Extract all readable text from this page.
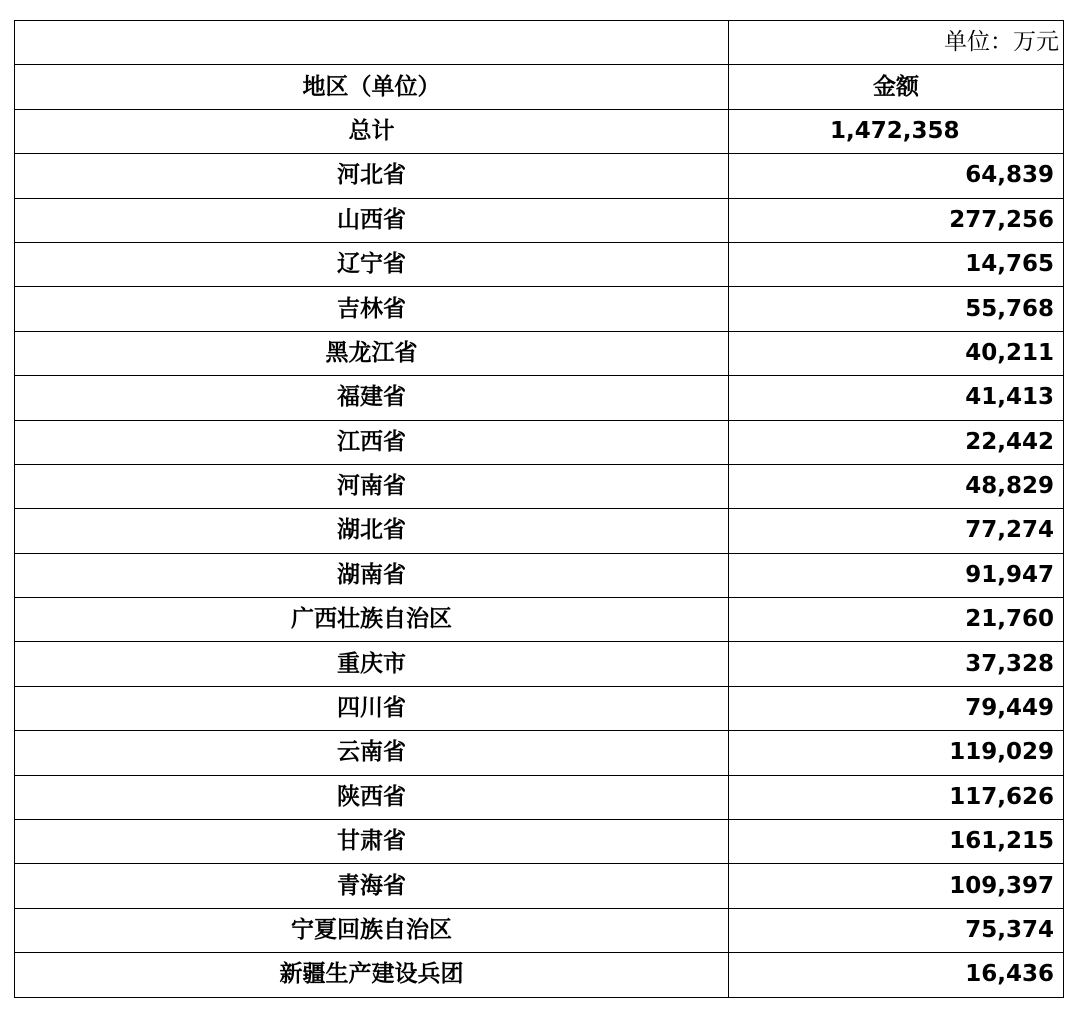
	单位：万元
地区（单位）	金额
总计	1,472,358
河北省	64,839
山西省	277,256
辽宁省	14,765
吉林省	55,768
黑龙江省	40,211
福建省	41,413
江西省	22,442
河南省	48,829
湖北省	77,274
湖南省	91,947
广西壮族自治区	21,760
重庆市	37,328
四川省	79,449
云南省	119,029
陕西省	117,626
甘肃省	161,215
青海省	109,397
宁夏回族自治区	75,374
新疆生产建设兵团	16,436
